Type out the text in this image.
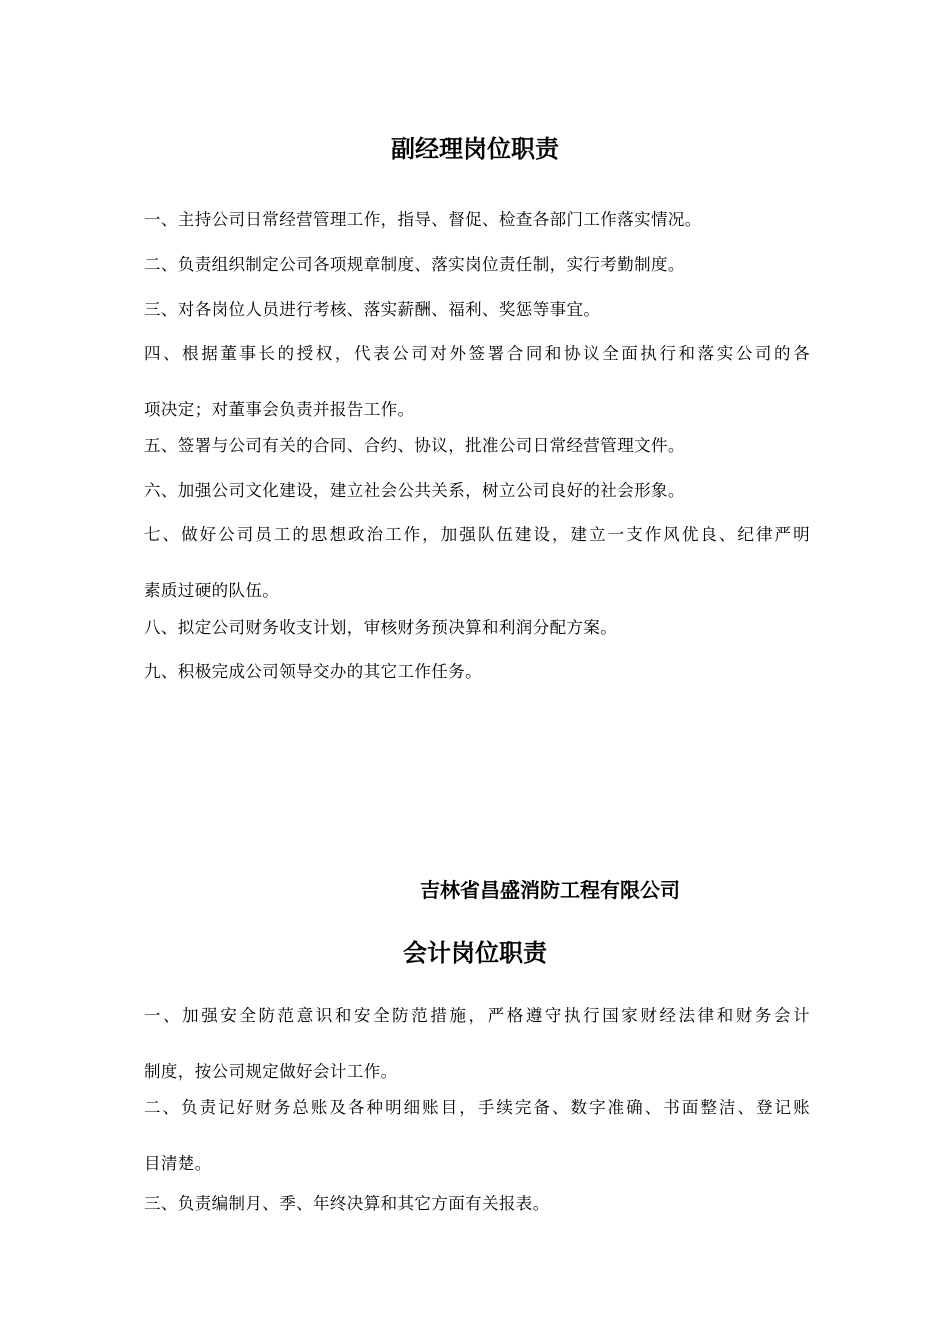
副经理岗位职责
一、主持公司日常经营管理工作，指导、督促、检查各部门工作落实情况。
二、负责组织制定公司各项规章制度、落实岗位责任制，实行考勤制度。
三、对各岗位人员进行考核、落实薪酬、福利、奖惩等事宜。
四、根据董事长的授权，代表公司对外签署合同和协议全面执行和落实公司的各
项决定；对董事会负责并报告工作。
五、签署与公司有关的合同、合约、协议，批准公司日常经营管理文件。
六、加强公司文化建设，建立社会公共关系，树立公司良好的社会形象。
七、做好公司员工的思想政治工作，加强队伍建设，建立一支作风优良、纪律严明
素质过硬的队伍。
八、拟定公司财务收支计划，审核财务预决算和利润分配方案。
九、积极完成公司领导交办的其它工作任务。
吉林省昌盛消防工程有限公司
会计岗位职责
一、加强安全防范意识和安全防范措施，严格遵守执行国家财经法律和财务会计
制度，按公司规定做好会计工作。
二、负责记好财务总账及各种明细账目，手续完备、数字准确、书面整洁、登记账
目清楚。
三、负责编制月、季、年终决算和其它方面有关报表。
